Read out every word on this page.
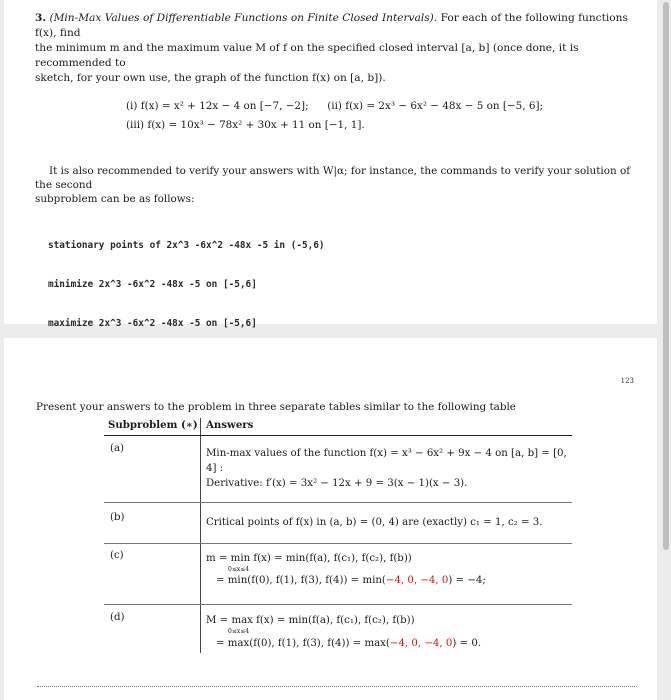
3. (Min-Max Values of Differentiable Functions on Finite Closed Intervals). For each of the following functions f(x), find
the minimum m and the maximum value M of f on the specified closed interval [a, b] (once done, it is recommended to
sketch, for your own use, the graph of the function f(x) on [a, b]).
(i) f(x) = x² + 12x − 4 on [−7, −2]; (ii) f(x) = 2x³ − 6x² − 48x − 5 on [−5, 6];
(iii) f(x) = 10x³ − 78x² + 30x + 11 on [−1, 1].
It is also recommended to verify your answers with W|α; for instance, the commands to verify your solution of the second
subproblem can be as follows:

stationary points of 2x^3 -6x^2 -48x -5 in (-5,6)

minimize 2x^3 -6x^2 -48x -5 on [-5,6]

maximize 2x^3 -6x^2 -48x -5 on [-5,6]

123
Present your answers to the problem in three separate tables similar to the following table
Subproblem (∗) Answers
(a)	Min-max values of the function f(x) = x³ − 6x² + 9x − 4 on [a, b] = [0, 4] :
Derivative: f′(x) = 3x² − 12x + 9 = 3(x − 1)(x − 3).
(b)	Critical points of f(x) in (a, b) = (0, 4) are (exactly) c₁ = 1, c₂ = 3.
(c)	m = min f(x) = min(f(a), f(c₁), f(c₂), f(b))
0≤x≤4
= min(f(0), f(1), f(3), f(4)) = min(−4, 0, −4, 0) = −4;
(d)	M = max f(x) = min(f(a), f(c₁), f(c₂), f(b))
0≤x≤4
= max(f(0), f(1), f(3), f(4)) = max(−4, 0, −4, 0) = 0.
